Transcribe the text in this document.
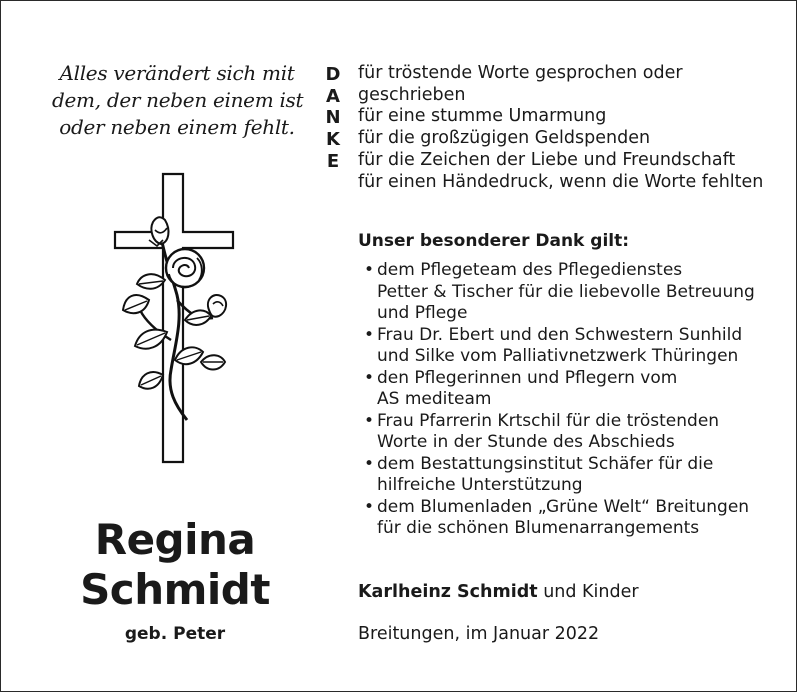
Alles verändert sich mit
dem, der neben einem ist
oder neben einem fehlt.
Regina
Schmidt
geb. Peter
D
A
N
K
E
für tröstende Worte gesprochen oder
geschrieben
für eine stumme Umarmung
für die großzügigen Geldspenden
für die Zeichen der Liebe und Freundschaft
für einen Händedruck, wenn die Worte fehlten
Unser besonderer Dank gilt:
• dem Pflegeteam des Pflegedienstes
Petter & Tischer für die liebevolle Betreuung
und Pflege
• Frau Dr. Ebert und den Schwestern Sunhild
und Silke vom Palliativnetzwerk Thüringen
• den Pflegerinnen und Pflegern vom
AS mediteam
• Frau Pfarrerin Krtschil für die tröstenden
Worte in der Stunde des Abschieds
• dem Bestattungsinstitut Schäfer für die
hilfreiche Unterstützung
• dem Blumenladen „Grüne Welt“ Breitungen
für die schönen Blumenarrangements
Karlheinz Schmidt und Kinder
Breitungen, im Januar 2022
